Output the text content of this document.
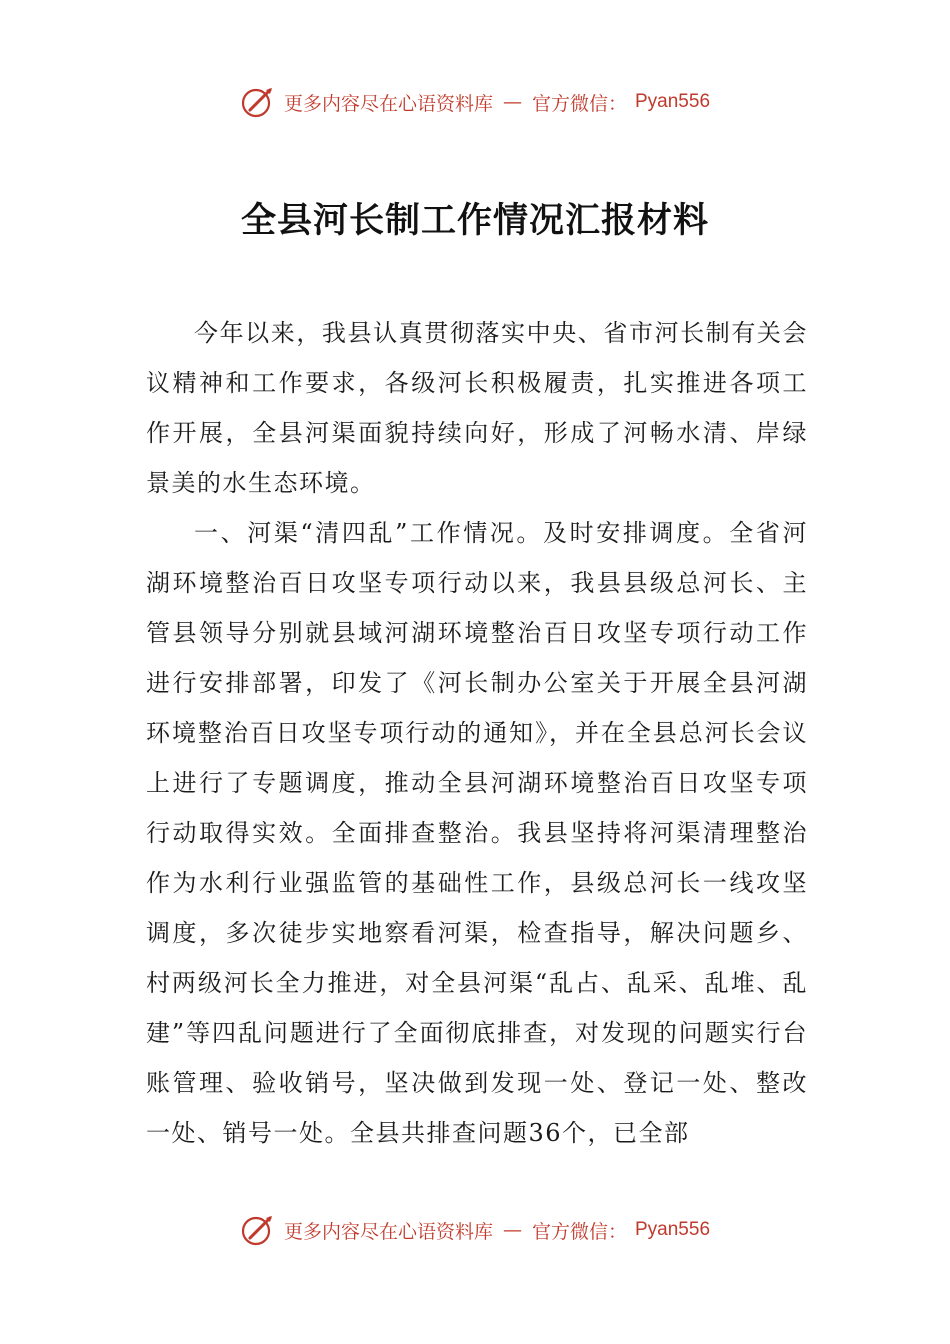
更多内容尽在心语资料库 — 官方微信： Pyan556
全县河长制工作情况汇报材料

今年以来，我县认真贯彻落实中央、省市河长制有关会议精神和工作要求，各级河长积极履责，扎实推进各项工作开展，全县河渠面貌持续向好，形成了河畅水清、岸绿景美的水生态环境。

一、河渠“清四乱”工作情况。及时安排调度。全省河湖环境整治百日攻坚专项行动以来，我县县级总河长、主管县领导分别就县域河湖环境整治百日攻坚专项行动工作进行安排部署，印发了《河长制办公室关于开展全县河湖环境整治百日攻坚专项行动的通知》，并在全县总河长会议上进行了专题调度，推动全县河湖环境整治百日攻坚专项行动取得实效。全面排查整治。我县坚持将河渠清理整治作为水利行业强监管的基础性工作，县级总河长一线攻坚调度，多次徒步实地察看河渠，检查指导，解决问题乡、村两级河长全力推进，对全县河渠“乱占、乱采、乱堆、乱建”等四乱问题进行了全面彻底排查，对发现的问题实行台账管理、验收销号，坚决做到发现一处、登记一处、整改一处、销号一处。全县共排查问题36个，已全部

更多内容尽在心语资料库 — 官方微信： Pyan556
